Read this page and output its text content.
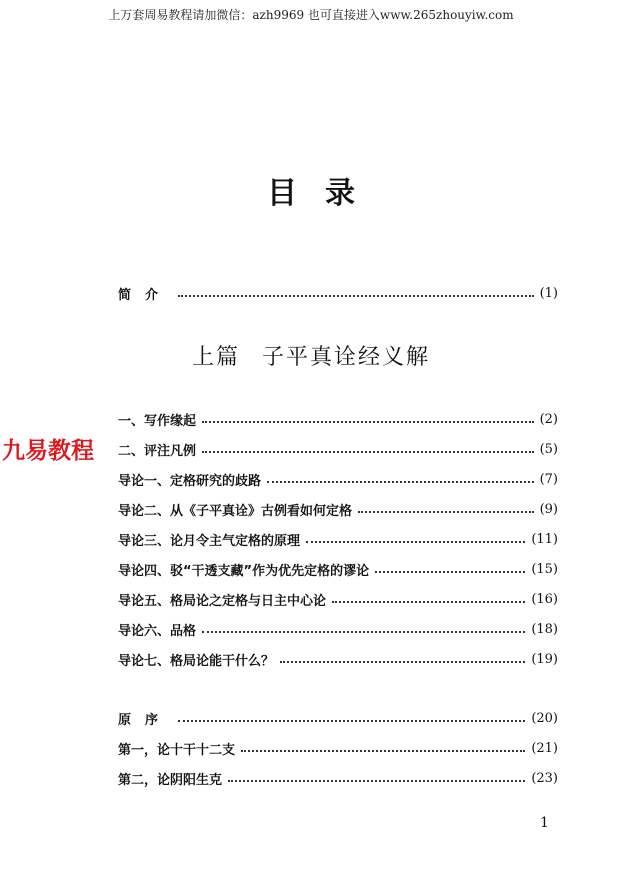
上万套周易教程请加微信：azh9969 也可直接进入www.265zhouyiw.com
目录
简介	(1)
上篇 子平真诠经义解
一、写作缘起	(2)
二、评注凡例	(5)
导论一、定格研究的歧路	(7)
导论二、从《子平真诠》古例看如何定格	(9)
导论三、论月令主气定格的原理	(11)
导论四、驳“干透支藏”作为优先定格的谬论	(15)
导论五、格局论之定格与日主中心论	(16)
导论六、品格	(18)
导论七、格局论能干什么？	(19)
原序	(20)
第一，论十干十二支	(21)
第二，论阴阳生克	(23)
九易教程
1
